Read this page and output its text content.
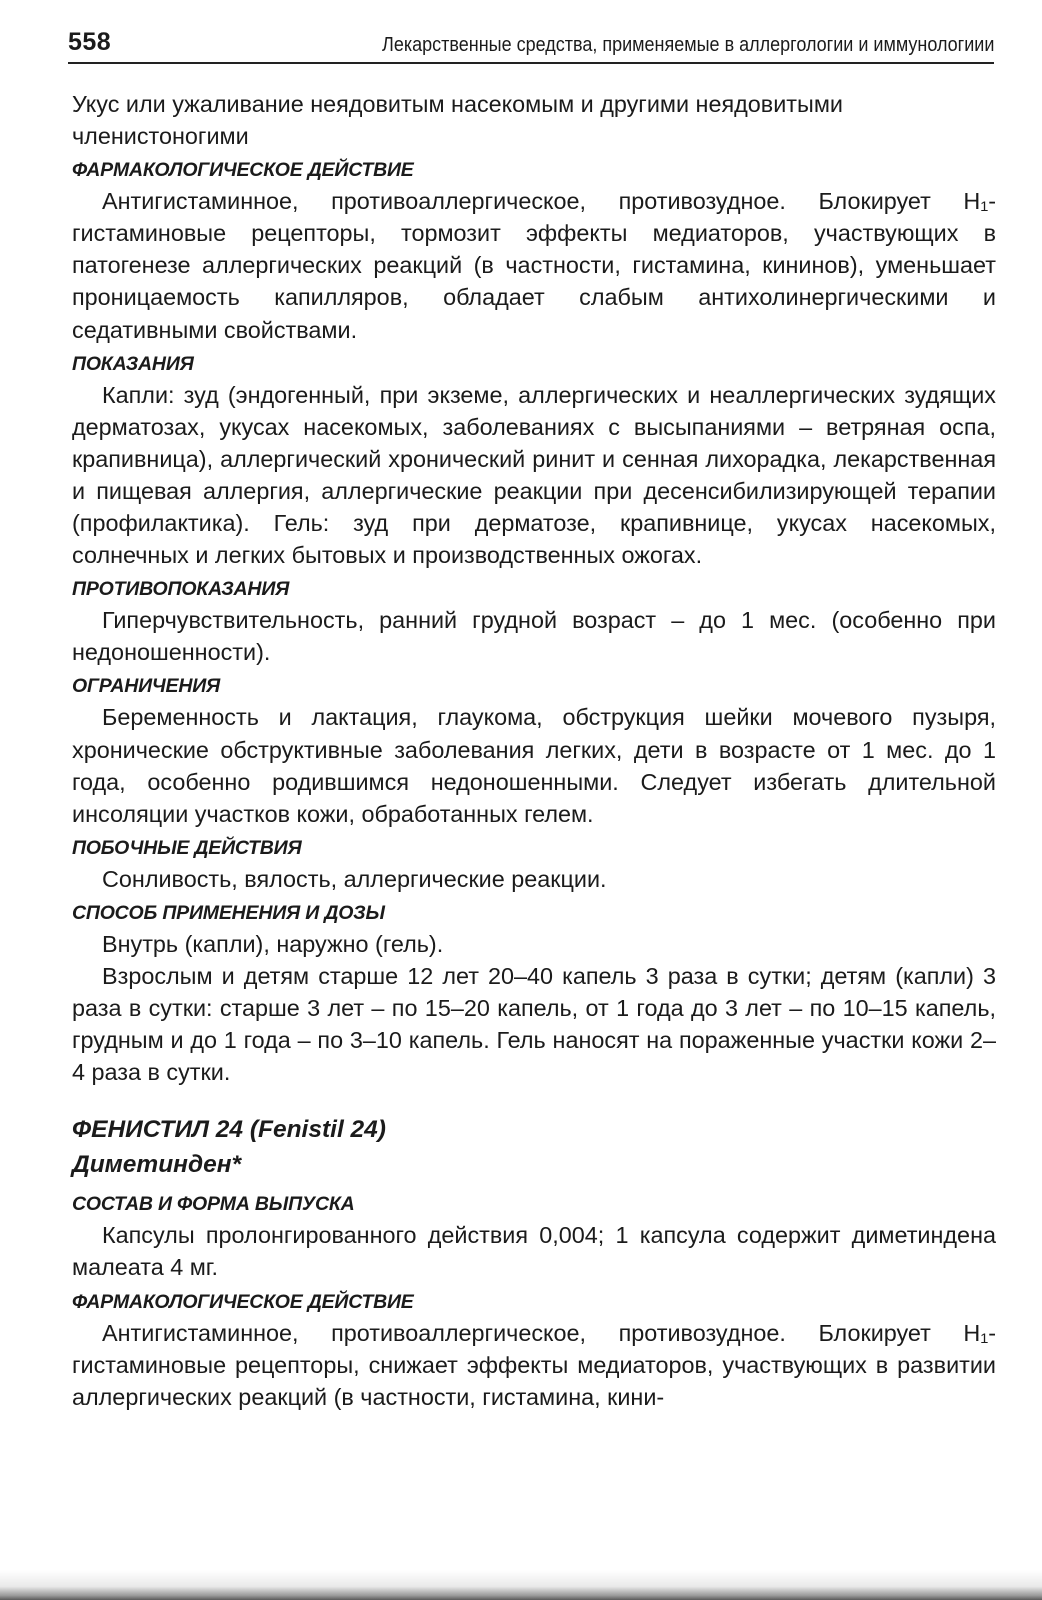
558	Лекарственные средства, применяемые в аллергологии и иммунологиии

Укус или ужаливание неядовитым насекомым и другими неядовитыми членистоногими

ФАРМАКОЛОГИЧЕСКОЕ ДЕЙСТВИЕ

Антигистаминное, противоаллергическое, противозудное. Блокирует H₁-гистаминовые рецепторы, тормозит эффекты медиаторов, участвующих в патогенезе аллергических реакций (в частности, гистамина, кининов), уменьшает проницаемость капилляров, обладает слабым антихолинергическими и седативными свойствами.

ПОКАЗАНИЯ

Капли: зуд (эндогенный, при экземе, аллергических и неаллергических зудящих дерматозах, укусах насекомых, заболеваниях с высыпаниями – ветряная оспа, крапивница), аллергический хронический ринит и сенная лихорадка, лекарственная и пищевая аллергия, аллергические реакции при десенсибилизирующей терапии (профилактика). Гель: зуд при дерматозе, крапивнице, укусах насекомых, солнечных и легких бытовых и производственных ожогах.

ПРОТИВОПОКАЗАНИЯ

Гиперчувствительность, ранний грудной возраст – до 1 мес. (особенно при недоношенности).

ОГРАНИЧЕНИЯ

Беременность и лактация, глаукома, обструкция шейки мочевого пузыря, хронические обструктивные заболевания легких, дети в возрасте от 1 мес. до 1 года, особенно родившимся недоношенными. Следует избегать длительной инсоляции участков кожи, обработанных гелем.

ПОБОЧНЫЕ ДЕЙСТВИЯ

Сонливость, вялость, аллергические реакции.

СПОСОБ ПРИМЕНЕНИЯ И ДОЗЫ

Внутрь (капли), наружно (гель).

Взрослым и детям старше 12 лет 20–40 капель 3 раза в сутки; детям (капли) 3 раза в сутки: старше 3 лет – по 15–20 капель, от 1 года до 3 лет – по 10–15 капель, грудным и до 1 года – по 3–10 капель. Гель наносят на пораженные участки кожи 2–4 раза в сутки.

ФЕНИСТИЛ 24 (Fenistil 24)
Диметинден*
СОСТАВ И ФОРМА ВЫПУСКА

Капсулы пролонгированного действия 0,004; 1 капсула содержит диметиндена малеата 4 мг.

ФАРМАКОЛОГИЧЕСКОЕ ДЕЙСТВИЕ

Антигистаминное, противоаллергическое, противозудное. Блокирует H₁-гистаминовые рецепторы, снижает эффекты медиаторов, участвующих в развитии аллергических реакций (в частности, гистамина, кини-
